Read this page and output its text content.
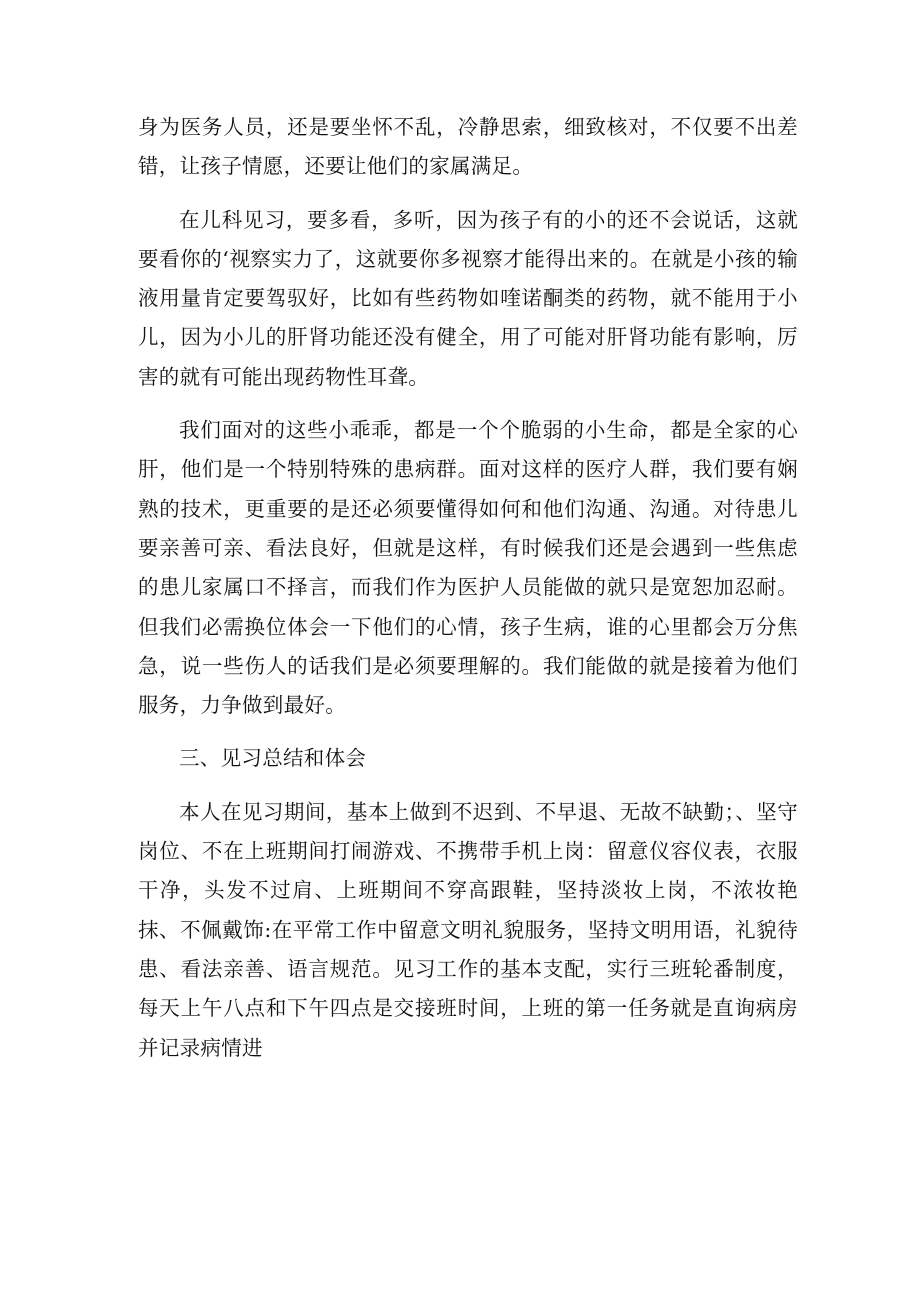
身为医务人员，还是要坐怀不乱，冷静思索，细致核对，不仅要不出差错，让孩子情愿，还要让他们的家属满足。

在儿科见习，要多看，多听，因为孩子有的小的还不会说话，这就要看你的‘视察实力了，这就要你多视察才能得出来的。在就是小孩的输液用量肯定要驾驭好，比如有些药物如喹诺酮类的药物，就不能用于小儿，因为小儿的肝肾功能还没有健全，用了可能对肝肾功能有影响，厉害的就有可能出现药物性耳聋。

我们面对的这些小乖乖，都是一个个脆弱的小生命，都是全家的心肝，他们是一个特别特殊的患病群。面对这样的医疗人群，我们要有娴熟的技术，更重要的是还必须要懂得如何和他们沟通、沟通。对待患儿要亲善可亲、看法良好，但就是这样，有时候我们还是会遇到一些焦虑的患儿家属口不择言，而我们作为医护人员能做的就只是宽恕加忍耐。但我们必需换位体会一下他们的心情，孩子生病，谁的心里都会万分焦急，说一些伤人的话我们是必须要理解的。我们能做的就是接着为他们服务，力争做到最好。

三、见习总结和体会

本人在见习期间，基本上做到不迟到、不早退、无故不缺勤；、坚守岗位、不在上班期间打闹游戏、不携带手机上岗：留意仪容仪表，衣服干净，头发不过肩、上班期间不穿高跟鞋，坚持淡妆上岗，不浓妆艳抹、不佩戴饰:在平常工作中留意文明礼貌服务，坚持文明用语，礼貌待患、看法亲善、语言规范。见习工作的基本支配，实行三班轮番制度，每天上午八点和下午四点是交接班时间，上班的第一任务就是直询病房并记录病情进
